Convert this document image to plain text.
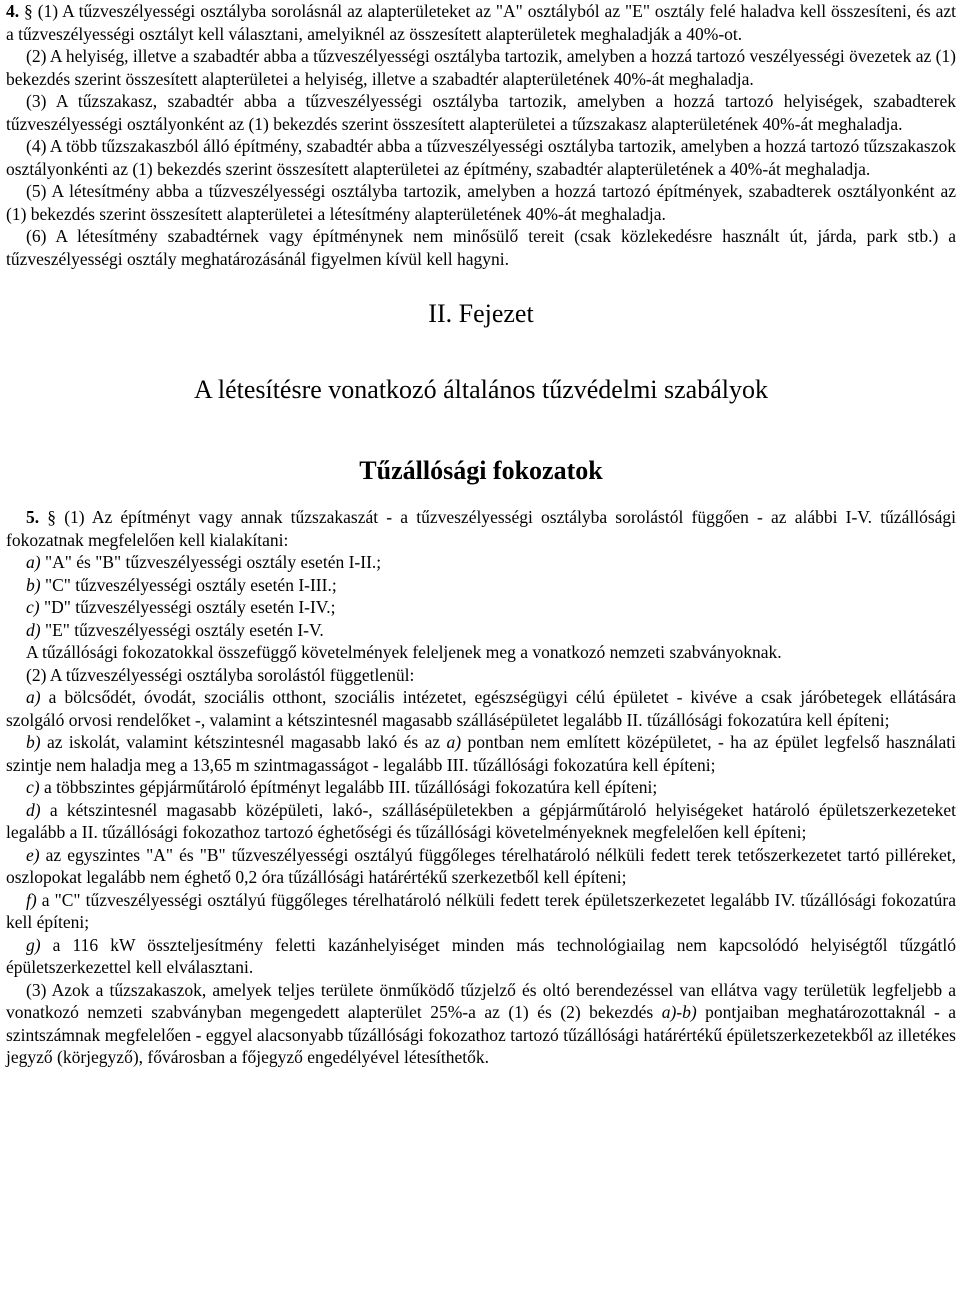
4. § (1) A tűzveszélyességi osztályba sorolásnál az alapterületeket az "A" osztályból az "E" osztály felé haladva kell összesíteni, és azt a tűzveszélyességi osztályt kell választani, amelyiknél az összesített alapterületek meghaladják a 40%-ot.

(2) A helyiség, illetve a szabadtér abba a tűzveszélyességi osztályba tartozik, amelyben a hozzá tartozó veszélyességi övezetek az (1) bekezdés szerint összesített alapterületei a helyiség, illetve a szabadtér alapterületének 40%-át meghaladja.

(3) A tűzszakasz, szabadtér abba a tűzveszélyességi osztályba tartozik, amelyben a hozzá tartozó helyiségek, szabadterek tűzveszélyességi osztályonként az (1) bekezdés szerint összesített alapterületei a tűzszakasz alapterületének 40%-át meghaladja.

(4) A több tűzszakaszból álló építmény, szabadtér abba a tűzveszélyességi osztályba tartozik, amelyben a hozzá tartozó tűzszakaszok osztályonkénti az (1) bekezdés szerint összesített alapterületei az építmény, szabadtér alapterületének a 40%-át meghaladja.

(5) A létesítmény abba a tűzveszélyességi osztályba tartozik, amelyben a hozzá tartozó építmények, szabadterek osztályonként az (1) bekezdés szerint összesített alapterületei a létesítmény alapterületének 40%-át meghaladja.

(6) A létesítmény szabadtérnek vagy építménynek nem minősülő tereit (csak közlekedésre használt út, járda, park stb.) a tűzveszélyességi osztály meghatározásánál figyelmen kívül kell hagyni.

II. Fejezet
A létesítésre vonatkozó általános tűzvédelmi szabályok
Tűzállósági fokozatok

5. § (1) Az építményt vagy annak tűzszakaszát - a tűzveszélyességi osztályba sorolástól függően - az alábbi I-V. tűzállósági fokozatnak megfelelően kell kialakítani:

a) "A" és "B" tűzveszélyességi osztály esetén I-II.;

b) "C" tűzveszélyességi osztály esetén I-III.;

c) "D" tűzveszélyességi osztály esetén I-IV.;

d) "E" tűzveszélyességi osztály esetén I-V.

A tűzállósági fokozatokkal összefüggő követelmények feleljenek meg a vonatkozó nemzeti szabványoknak.

(2) A tűzveszélyességi osztályba sorolástól függetlenül:

a) a bölcsődét, óvodát, szociális otthont, szociális intézetet, egészségügyi célú épületet - kivéve a csak járóbetegek ellátására szolgáló orvosi rendelőket -, valamint a kétszintesnél magasabb szállásépületet legalább II. tűzállósági fokozatúra kell építeni;

b) az iskolát, valamint kétszintesnél magasabb lakó és az a) pontban nem említett középületet, - ha az épület legfelső használati szintje nem haladja meg a 13,65 m szintmagasságot - legalább III. tűzállósági fokozatúra kell építeni;

c) a többszintes gépjárműtároló építményt legalább III. tűzállósági fokozatúra kell építeni;

d) a kétszintesnél magasabb középületi, lakó-, szállásépületekben a gépjárműtároló helyiségeket határoló épületszerkezeteket legalább a II. tűzállósági fokozathoz tartozó éghetőségi és tűzállósági követelményeknek megfelelően kell építeni;

e) az egyszintes "A" és "B" tűzveszélyességi osztályú függőleges térelhatároló nélküli fedett terek tetőszerkezetet tartó pilléreket, oszlopokat legalább nem éghető 0,2 óra tűzállósági határértékű szerkezetből kell építeni;

f) a "C" tűzveszélyességi osztályú függőleges térelhatároló nélküli fedett terek épületszerkezetet legalább IV. tűzállósági fokozatúra kell építeni;

g) a 116 kW összteljesítmény feletti kazánhelyiséget minden más technológiailag nem kapcsolódó helyiségtől tűzgátló épületszerkezettel kell elválasztani.

(3) Azok a tűzszakaszok, amelyek teljes területe önműködő tűzjelző és oltó berendezéssel van ellátva vagy területük legfeljebb a vonatkozó nemzeti szabványban megengedett alapterület 25%-a az (1) és (2) bekezdés a)-b) pontjaiban meghatározottaknál - a szintszámnak megfelelően - eggyel alacsonyabb tűzállósági fokozathoz tartozó tűzállósági határértékű épületszerkezetekből az illetékes jegyző (körjegyző), fővárosban a főjegyző engedélyével létesíthetők.
